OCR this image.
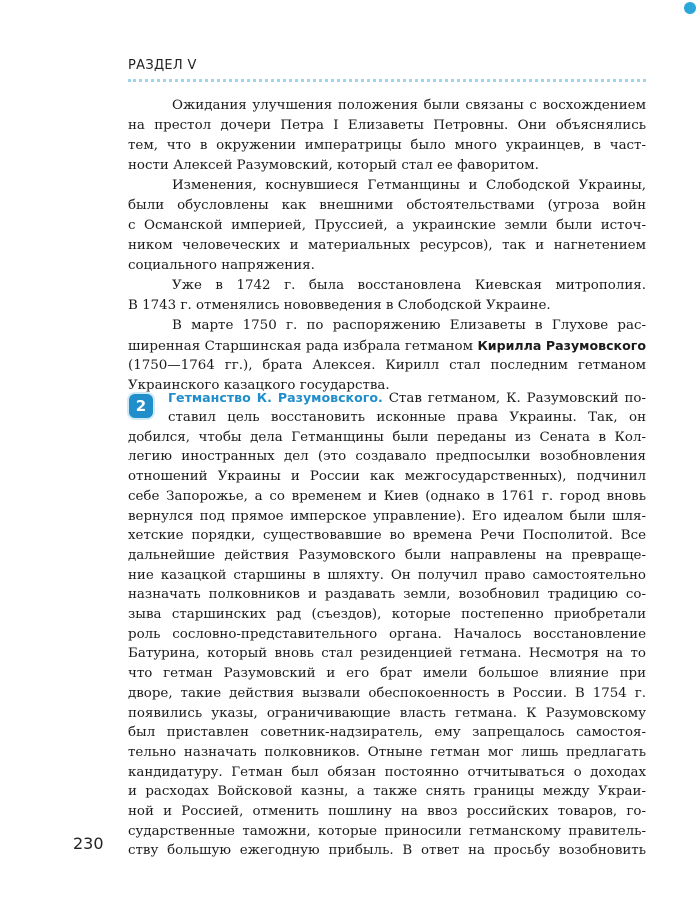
РАЗДЕЛ V
Ожидания улучшения положения были связаны с восхождением
на престол дочери Петра I Елизаветы Петровны. Они объяснялись
тем, что в окружении императрицы было много украинцев, в част-
ности Алексей Разумовский, который стал ее фаворитом.
Изменения, коснувшиеся Гетманщины и Слободской Украины,
были обусловлены как внешними обстоятельствами (угроза войн
с Османской империей, Пруссией, а украинские земли были источ-
ником человеческих и материальных ресурсов), так и нагнетением
социального напряжения.
Уже в 1742 г. была восстановлена Киевская митрополия.
В 1743 г. отменялись нововведения в Слободской Украине.
В марте 1750 г. по распоряжению Елизаветы в Глухове рас-
ширенная Старшинская рада избрала гетманом Кирилла Разумовского
(1750—1764 гг.), брата Алексея. Кирилл стал последним гетманом
Украинского казацкого государства.
2	Гетманство К. Разумовского. Став гетманом, К. Разумовский по-
ставил цель восстановить исконные права Украины. Так, он
добился, чтобы дела Гетманщины были переданы из Сената в Кол-
легию иностранных дел (это создавало предпосылки возобновления
отношений Украины и России как межгосударственных), подчинил
себе Запорожье, а со временем и Киев (однако в 1761 г. город вновь
вернулся под прямое имперское управление). Его идеалом были шля-
хетские порядки, существовавшие во времена Речи Посполитой. Все
дальнейшие действия Разумовского были направлены на превраще-
ние казацкой старшины в шляхту. Он получил право самостоятельно
назначать полковников и раздавать земли, возобновил традицию со-
зыва старшинских рад (съездов), которые постепенно приобретали
роль сословно-представительного органа. Началось восстановление
Батурина, который вновь стал резиденцией гетмана. Несмотря на то
что гетман Разумовский и его брат имели большое влияние при
дворе, такие действия вызвали обеспокоенность в России. В 1754 г.
появились указы, ограничивающие власть гетмана. К Разумовскому
был приставлен советник-надзиратель, ему запрещалось самостоя-
тельно назначать полковников. Отныне гетман мог лишь предлагать
кандидатуру. Гетман был обязан постоянно отчитываться о доходах
и расходах Войсковой казны, а также снять границы между Украи-
ной и Россией, отменить пошлину на ввоз российских товаров, го-
сударственные таможни, которые приносили гетманскому правитель-
ству большую ежегодную прибыль. В ответ на просьбу возобновить
230
